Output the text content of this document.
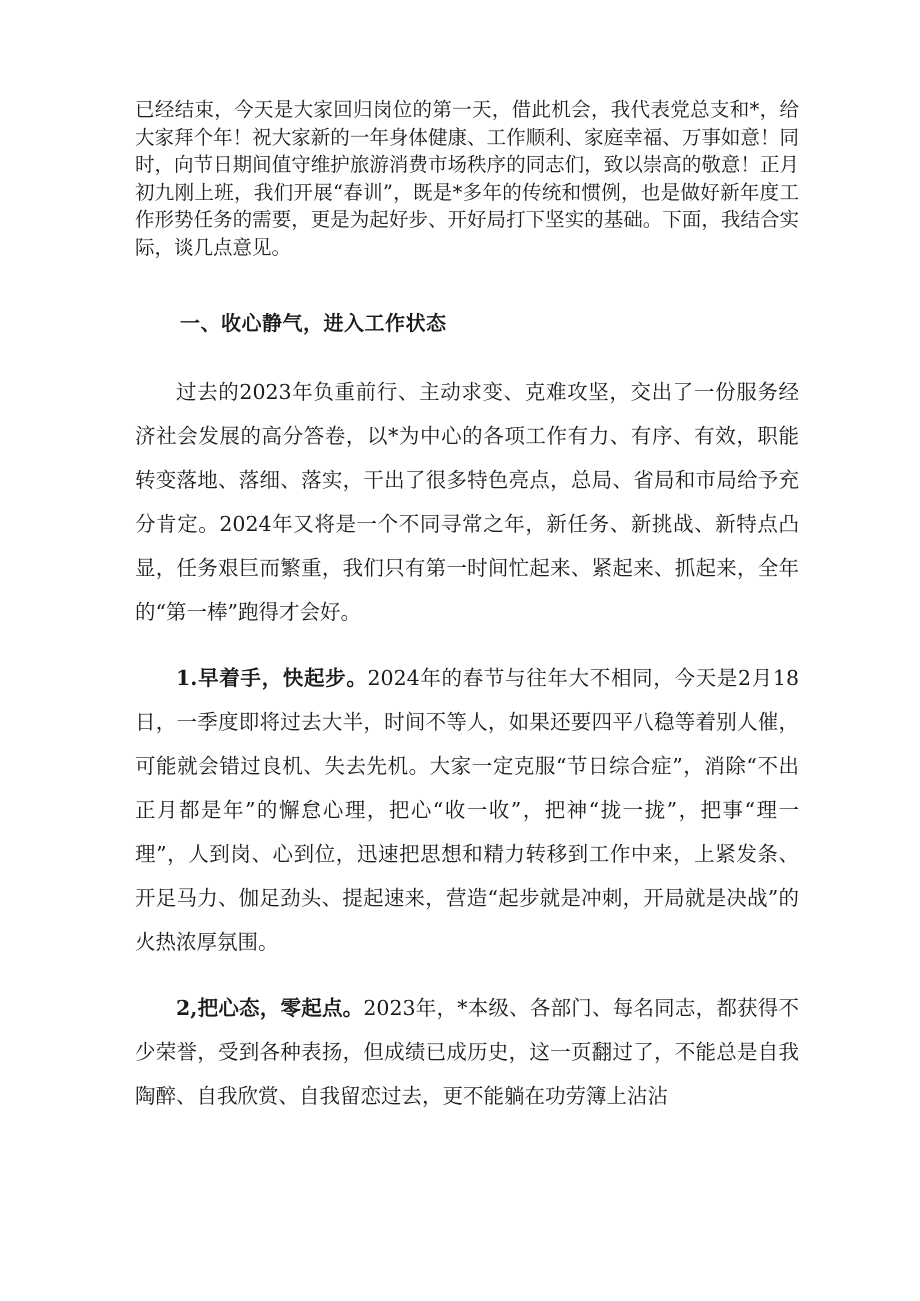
已经结束，今天是大家回归岗位的第一天，借此机会，我代表党总支和*，给大家拜个年！祝大家新的一年身体健康、工作顺利、家庭幸福、万事如意！同时，向节日期间值守维护旅游消费市场秩序的同志们，致以崇高的敬意！正月初九刚上班，我们开展“春训”，既是*多年的传统和惯例，也是做好新年度工作形势任务的需要，更是为起好步、开好局打下坚实的基础。下面，我结合实际，谈几点意见。

一、收心静气，进入工作状态

过去的2023年负重前行、主动求变、克难攻坚，交出了一份服务经济社会发展的高分答卷，以*为中心的各项工作有力、有序、有效，职能转变落地、落细、落实，干出了很多特色亮点，总局、省局和市局给予充分肯定。2024年又将是一个不同寻常之年，新任务、新挑战、新特点凸显，任务艰巨而繁重，我们只有第一时间忙起来、紧起来、抓起来，全年的“第一棒”跑得才会好。

1.早着手，快起步。2024年的春节与往年大不相同，今天是2月18日，一季度即将过去大半，时间不等人，如果还要四平八稳等着别人催，可能就会错过良机、失去先机。大家一定克服“节日综合症”，消除“不出正月都是年”的懈怠心理，把心“收一收”，把神“拢一拢”，把事“理一理”，人到岗、心到位，迅速把思想和精力转移到工作中来，上紧发条、开足马力、伽足劲头、提起速来，营造“起步就是冲刺，开局就是决战”的火热浓厚氛围。

2,把心态，零起点。2023年，*本级、各部门、每名同志，都获得不少荣誉，受到各种表扬，但成绩已成历史，这一页翻过了，不能总是自我陶醉、自我欣赏、自我留恋过去，更不能躺在功劳簿上沾沾
